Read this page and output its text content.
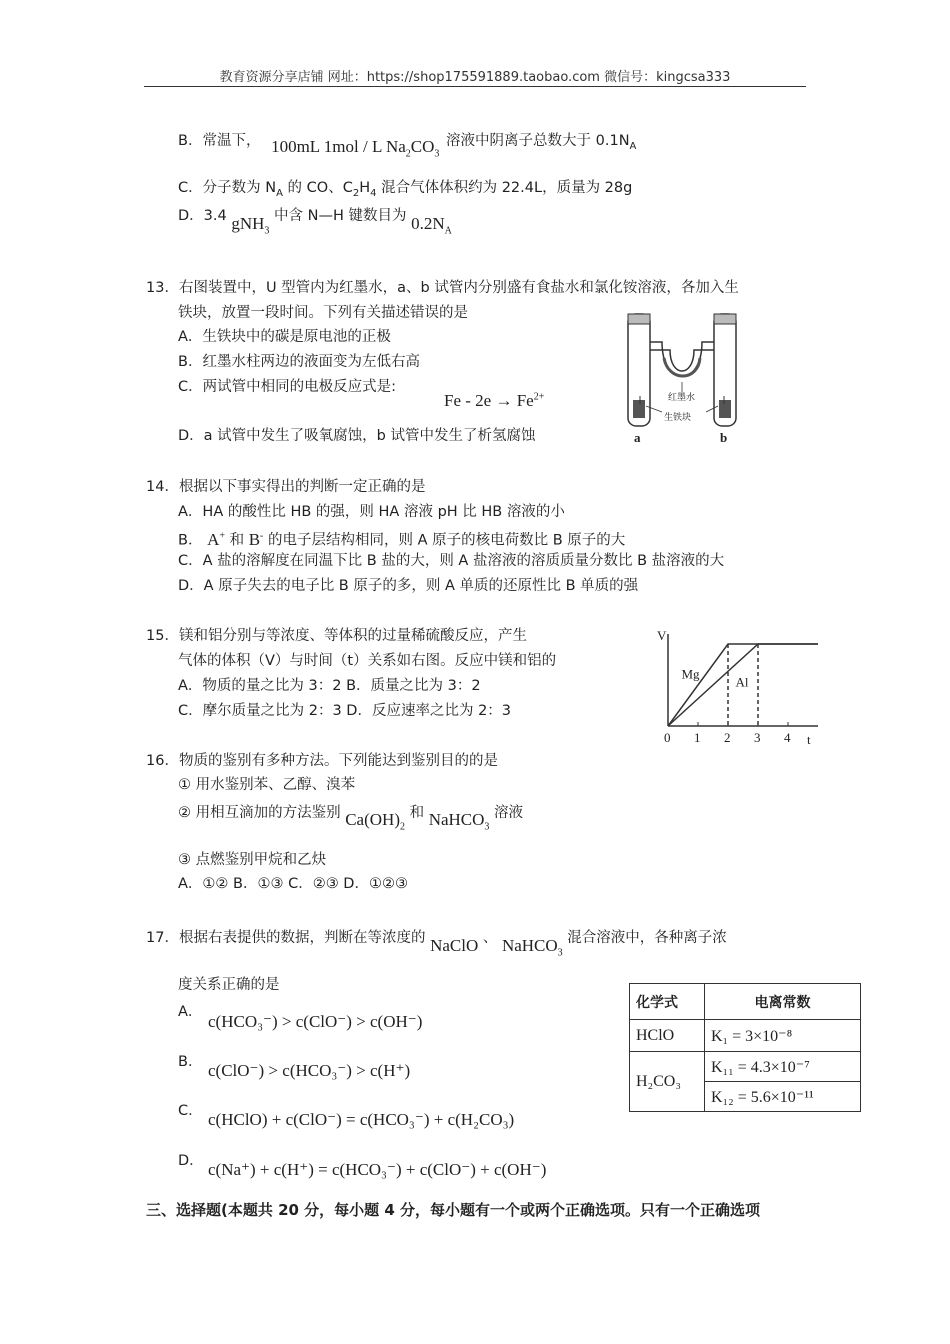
教育资源分享店铺 网址：https://shop175591889.taobao.com 微信号：kingcsa333
B．常温下， 100mL 1mol / L $Na_2CO_3$ 溶液中阴离子总数大于 $0.1N_A$
C．分子数为 $N_A$ 的 CO、$C_2H_4$ 混合气体体积约为 22.4L，质量为 28g
D．3.4 gNH$_3$ 中含 N—H 键数目为 $0.2N_A$
13．右图装置中，U 型管内为红墨水，a、b 试管内分别盛有食盐水和氯化铵溶液，各加入生
铁块，放置一段时间。下列有关描述错误的是
A．生铁块中的碳是原电池的正极
B．红墨水柱两边的液面变为左低右高
C．两试管中相同的电极反应式是:
$Fe - 2e \to Fe^{2+}$
D．a 试管中发生了吸氧腐蚀，b 试管中发生了析氢腐蚀
红墨水
生铁块
a	b
14．根据以下事实得出的判断一定正确的是
A．HA 的酸性比 HB 的强，则 HA 溶液 pH 比 HB 溶液的小
B． A+ 和 B- 的电子层结构相同，则 A 原子的核电荷数比 B 原子的大
C．A 盐的溶解度在同温下比 B 盐的大，则 A 盐溶液的溶质质量分数比 B 盐溶液的大
D．A 原子失去的电子比 B 原子的多，则 A 单质的还原性比 B 单质的强
15．镁和铝分别与等浓度、等体积的过量稀硫酸反应，产生
气体的体积（V）与时间（t）关系如右图。反应中镁和铝的
A．物质的量之比为 3：2 B．质量之比为 3：2
C．摩尔质量之比为 2：3 D．反应速率之比为 2：3
V
t
0 1 2 3 4
Mg
Al
16．物质的鉴别有多种方法。下列能达到鉴别目的的是
① 用水鉴别苯、乙醇、溴苯
② 用相互滴加的方法鉴别 $Ca(OH)_2$ 和 NaHCO$_3$ 溶液
③ 点燃鉴别甲烷和乙炔
A．①② B．①③ C．②③ D．①②③
17．根据右表提供的数据，判断在等浓度的 NaClO 、 NaHCO$_3$ 混合溶液中，各种离子浓
度关系正确的是
A． c(HCO₃⁻) > c(ClO⁻) > c(OH⁻)
B． c(ClO⁻) > c(HCO₃⁻) > c(H⁺)
C． c(HClO) + c(ClO⁻) = c(HCO₃⁻) + c(H₂CO₃)
D． c(Na⁺) + c(H⁺) = c(HCO₃⁻) + c(ClO⁻) + c(OH⁻)
化学式	电离常数
HClO	K₁ = 3×10⁻⁸
H₂CO₃	K₁₁ = 4.3×10⁻⁷
	K₁₂ = 5.6×10⁻¹¹
三、选择题(本题共 20 分，每小题 4 分，每小题有一个或两个正确选项。只有一个正确选项
